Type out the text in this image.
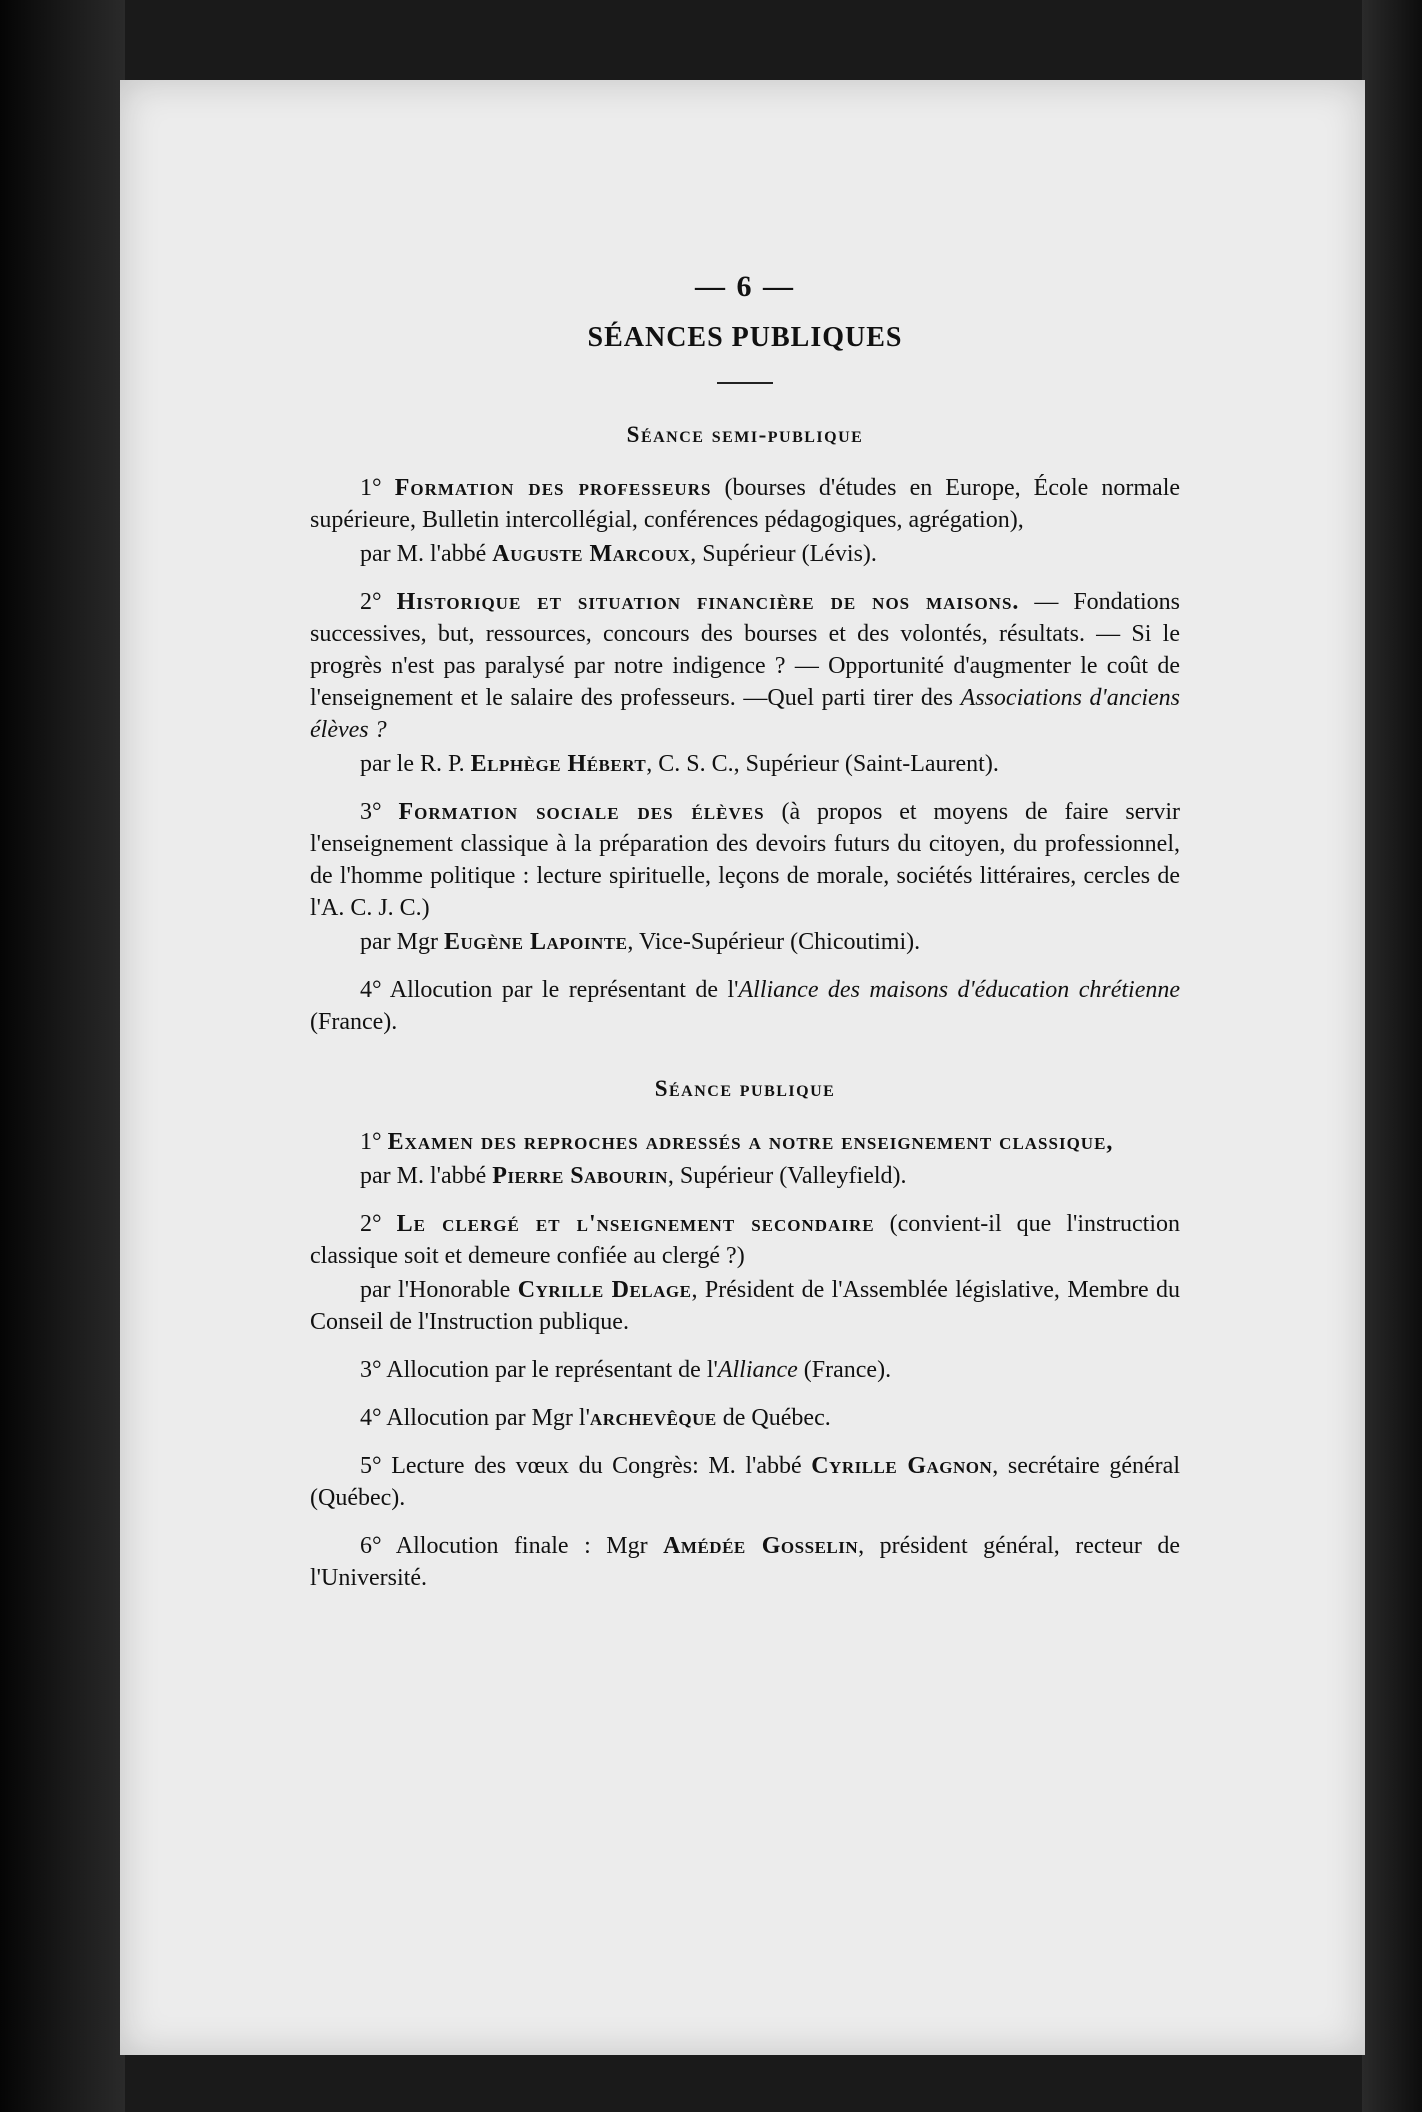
— 6 —
SÉANCES PUBLIQUES
Séance semi-publique

1° Formation des professeurs (bourses d'études en Europe, École normale supérieure, Bulletin intercollégial, conférences pédagogiques, agrégation),
par M. l'abbé Auguste Marcoux, Supérieur (Lévis).

2° Historique et situation financière de nos maisons. — Fondations successives, but, ressources, concours des bourses et des volontés, résultats. — Si le progrès n'est pas paralysé par notre indigence ? — Opportunité d'augmenter le coût de l'enseignement et le salaire des professeurs. —Quel parti tirer des Associations d'anciens élèves ?
par le R. P. Elphège Hébert, C. S. C., Supérieur (Saint-Laurent).

3° Formation sociale des élèves (à propos et moyens de faire servir l'enseignement classique à la préparation des devoirs futurs du citoyen, du professionnel, de l'homme politique : lecture spirituelle, leçons de morale, sociétés littéraires, cercles de l'A. C. J. C.)
par Mgr Eugène Lapointe, Vice-Supérieur (Chicoutimi).

4° Allocution par le représentant de l'Alliance des maisons d'éducation chrétienne (France).

Séance publique

1° Examen des reproches adressés a notre enseignement classique,
par M. l'abbé Pierre Sabourin, Supérieur (Valleyfield).

2° Le clergé et l'nseignement secondaire (convient-il que l'instruction classique soit et demeure confiée au clergé ?)
par l'Honorable Cyrille Delage, Président de l'Assemblée législative, Membre du Conseil de l'Instruction publique.

3° Allocution par le représentant de l'Alliance (France).

4° Allocution par Mgr l'archevêque de Québec.

5° Lecture des vœux du Congrès: M. l'abbé Cyrille Gagnon, secrétaire général (Québec).

6° Allocution finale : Mgr Amédée Gosselin, président général, recteur de l'Université.
